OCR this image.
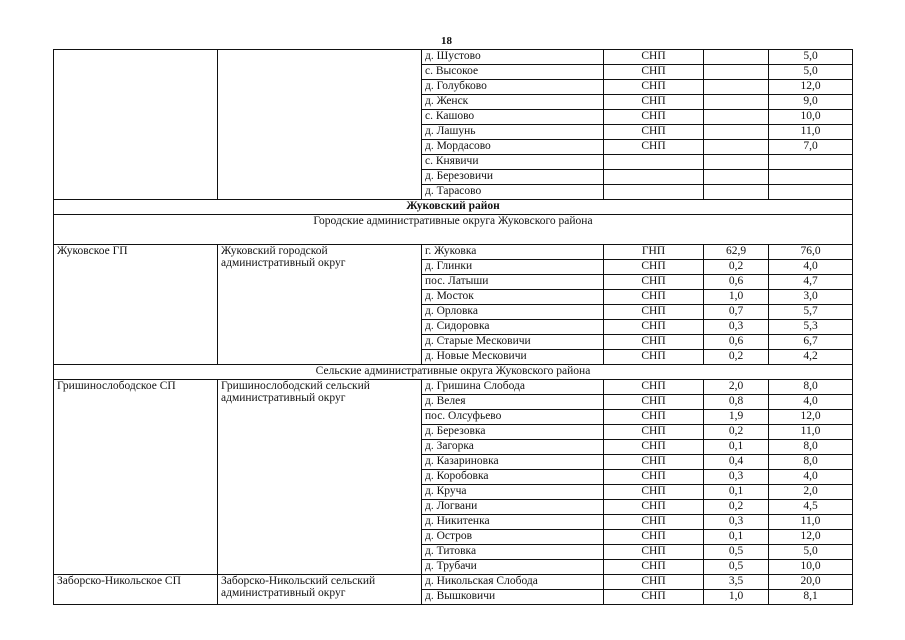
18
		д. Шустово	СНП		5,0
		с. Высокое	СНП		5,0
		д. Голубково	СНП		12,0
		д. Женск	СНП		9,0
		с. Кашово	СНП		10,0
		д. Лашунь	СНП		11,0
		д. Мордасово	СНП		7,0
		с. Княвичи			
		д. Березовичи			
		д. Тарасово			
Жуковский район					
Городские административные округа Жуковского района					
Жуковское ГП	Жуковский городской административный округ	г. Жуковка	ГНП	62,9	76,0
		д. Глинки	СНП	0,2	4,0
		пос. Латыши	СНП	0,6	4,7
		д. Мосток	СНП	1,0	3,0
		д. Орловка	СНП	0,7	5,7
		д. Сидоровка	СНП	0,3	5,3
		д. Старые Месковичи	СНП	0,6	6,7
		д. Новые Месковичи	СНП	0,2	4,2
Сельские административные округа Жуковского района					
Гришинослободское СП	Гришинослободский сельский административный округ	д. Гришина Слобода	СНП	2,0	8,0
		д. Велея	СНП	0,8	4,0
		пос. Олсуфьево	СНП	1,9	12,0
		д. Березовка	СНП	0,2	11,0
		д. Загорка	СНП	0,1	8,0
		д. Казариновка	СНП	0,4	8,0
		д. Коробовка	СНП	0,3	4,0
		д. Круча	СНП	0,1	2,0
		д. Логвани	СНП	0,2	4,5
		д. Никитенка	СНП	0,3	11,0
		д. Остров	СНП	0,1	12,0
		д. Титовка	СНП	0,5	5,0
		д. Трубачи	СНП	0,5	10,0
Заборско-Никольское СП	Заборско-Никольский сельский административный округ	д. Никольская Слобода	СНП	3,5	20,0
		д. Вышковичи	СНП	1,0	8,1
